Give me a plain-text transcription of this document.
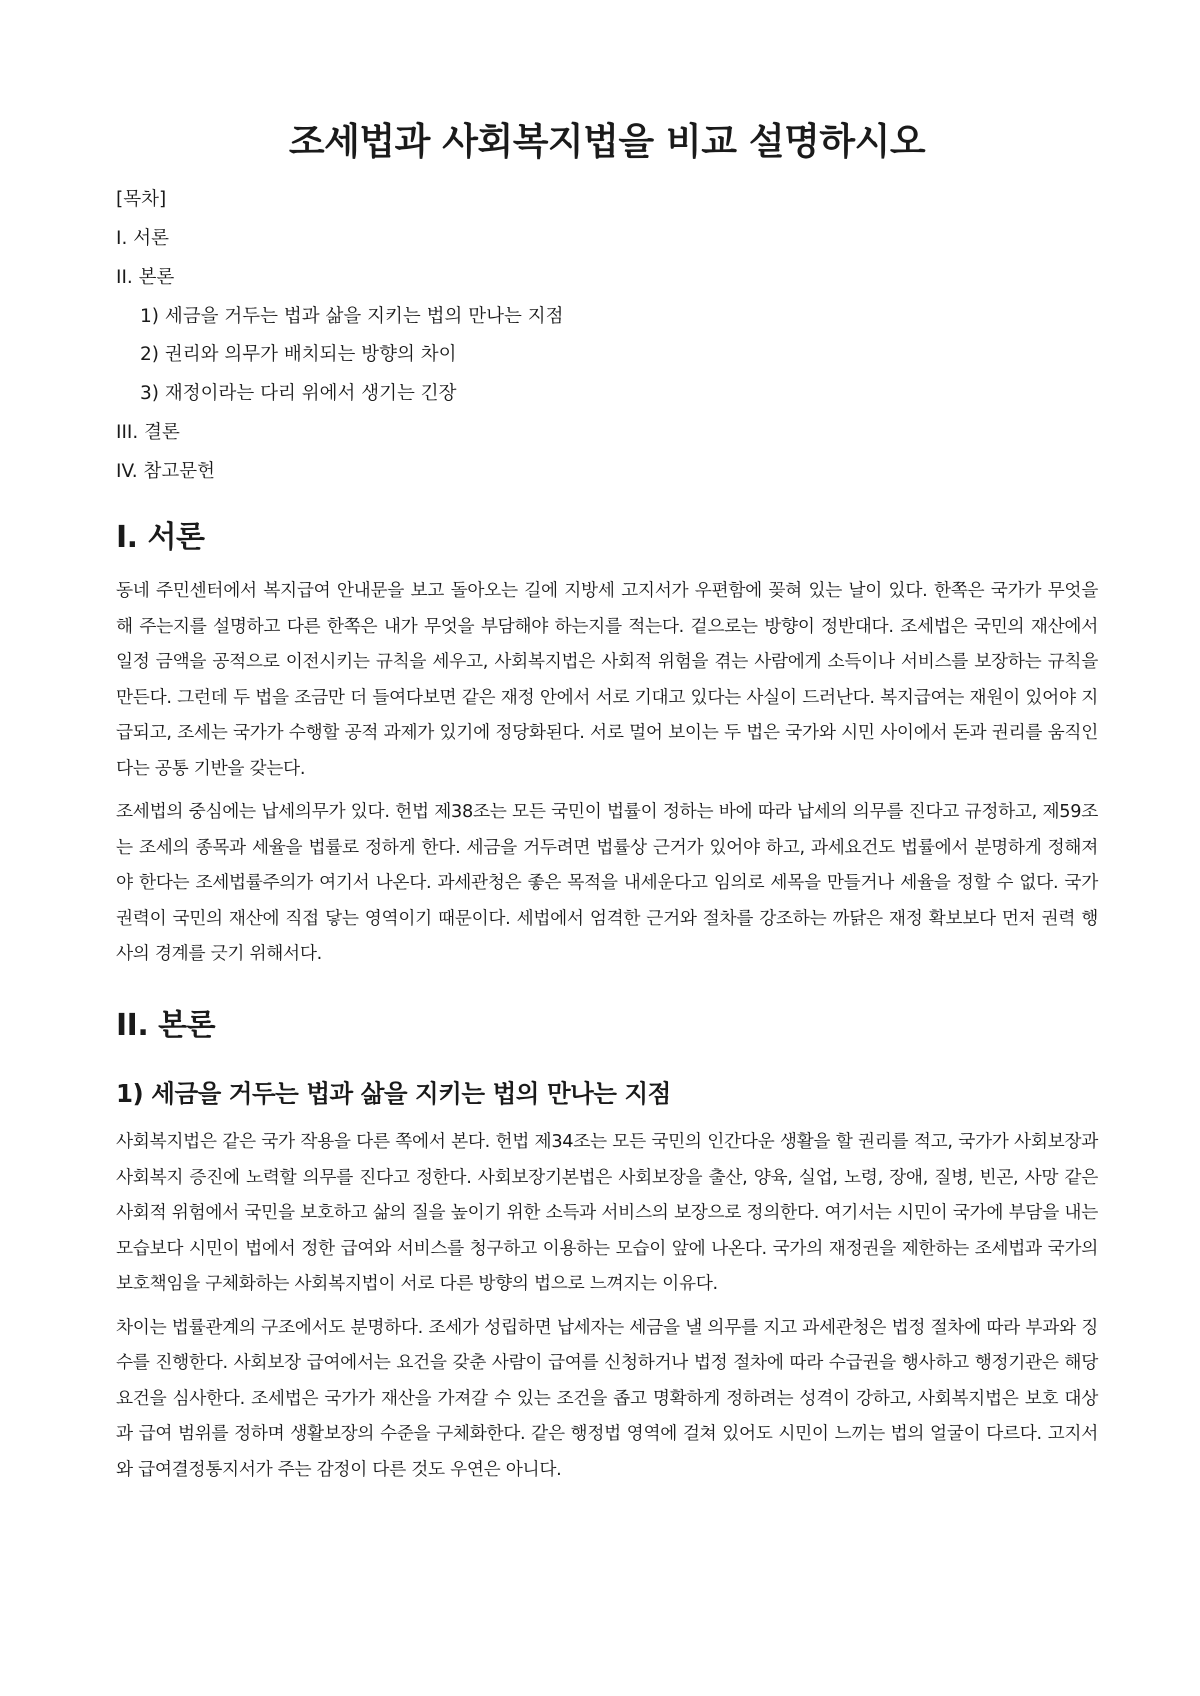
조세법과 사회복지법을 비교 설명하시오
[목차]
I. 서론
II. 본론
1) 세금을 거두는 법과 삶을 지키는 법의 만나는 지점
2) 권리와 의무가 배치되는 방향의 차이
3) 재정이라는 다리 위에서 생기는 긴장
III. 결론
IV. 참고문헌
I. 서론

동네 주민센터에서 복지급여 안내문을 보고 돌아오는 길에 지방세 고지서가 우편함에 꽂혀 있는 날이 있다. 한쪽은 국가가 무엇을 해 주는지를 설명하고 다른 한쪽은 내가 무엇을 부담해야 하는지를 적는다. 겉으로는 방향이 정반대다. 조세법은 국민의 재산에서 일정 금액을 공적으로 이전시키는 규칙을 세우고, 사회복지법은 사회적 위험을 겪는 사람에게 소득이나 서비스를 보장하는 규칙을 만든다. 그런데 두 법을 조금만 더 들여다보면 같은 재정 안에서 서로 기대고 있다는 사실이 드러난다. 복지급여는 재원이 있어야 지급되고, 조세는 국가가 수행할 공적 과제가 있기에 정당화된다. 서로 멀어 보이는 두 법은 국가와 시민 사이에서 돈과 권리를 움직인다는 공통 기반을 갖는다.

조세법의 중심에는 납세의무가 있다. 헌법 제38조는 모든 국민이 법률이 정하는 바에 따라 납세의 의무를 진다고 규정하고, 제59조는 조세의 종목과 세율을 법률로 정하게 한다. 세금을 거두려면 법률상 근거가 있어야 하고, 과세요건도 법률에서 분명하게 정해져야 한다는 조세법률주의가 여기서 나온다. 과세관청은 좋은 목적을 내세운다고 임의로 세목을 만들거나 세율을 정할 수 없다. 국가 권력이 국민의 재산에 직접 닿는 영역이기 때문이다. 세법에서 엄격한 근거와 절차를 강조하는 까닭은 재정 확보보다 먼저 권력 행사의 경계를 긋기 위해서다.

II. 본론
1) 세금을 거두는 법과 삶을 지키는 법의 만나는 지점

사회복지법은 같은 국가 작용을 다른 쪽에서 본다. 헌법 제34조는 모든 국민의 인간다운 생활을 할 권리를 적고, 국가가 사회보장과 사회복지 증진에 노력할 의무를 진다고 정한다. 사회보장기본법은 사회보장을 출산, 양육, 실업, 노령, 장애, 질병, 빈곤, 사망 같은 사회적 위험에서 국민을 보호하고 삶의 질을 높이기 위한 소득과 서비스의 보장으로 정의한다. 여기서는 시민이 국가에 부담을 내는 모습보다 시민이 법에서 정한 급여와 서비스를 청구하고 이용하는 모습이 앞에 나온다. 국가의 재정권을 제한하는 조세법과 국가의 보호책임을 구체화하는 사회복지법이 서로 다른 방향의 법으로 느껴지는 이유다.

차이는 법률관계의 구조에서도 분명하다. 조세가 성립하면 납세자는 세금을 낼 의무를 지고 과세관청은 법정 절차에 따라 부과와 징수를 진행한다. 사회보장 급여에서는 요건을 갖춘 사람이 급여를 신청하거나 법정 절차에 따라 수급권을 행사하고 행정기관은 해당 요건을 심사한다. 조세법은 국가가 재산을 가져갈 수 있는 조건을 좁고 명확하게 정하려는 성격이 강하고, 사회복지법은 보호 대상과 급여 범위를 정하며 생활보장의 수준을 구체화한다. 같은 행정법 영역에 걸쳐 있어도 시민이 느끼는 법의 얼굴이 다르다. 고지서와 급여결정통지서가 주는 감정이 다른 것도 우연은 아니다.
